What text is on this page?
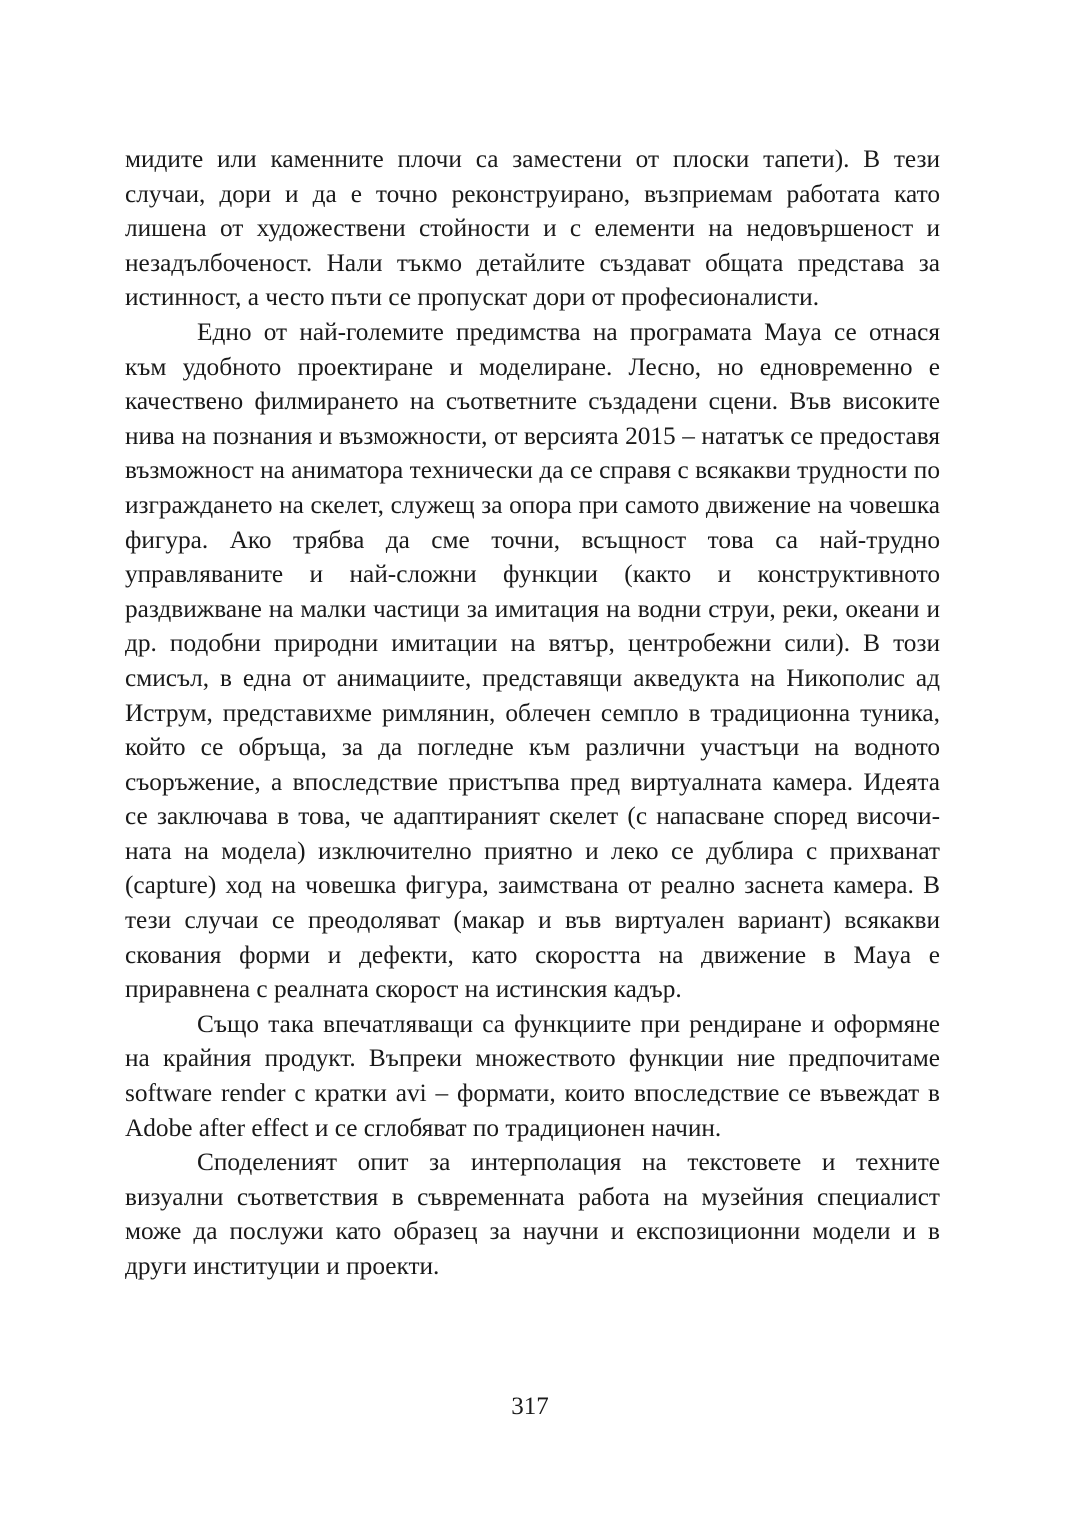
мидите или каменните плочи са заместени от плоски тапети). В тези случаи, дори и да е точно реконструирано, възприемам работата като лишена от художествени стойности и с елементи на недовършеност и незадълбоченост. Нали тъкмо детайлите създават общата представа за истинност, а често пъти се пропускат дори от професионалисти.

Едно от най-големите предимства на програмата Maya се отнася към удобното проектиране и моделиране. Лесно, но едновременно е качествено филмирането на съответните създадени сцени. Във високите нива на познания и възможности, от версията 2015 – нататък се предоставя възможност на аниматора технически да се справя с всякакви трудности по изграждането на скелет, служещ за опора при самото движение на човешка фигура. Ако трябва да сме точни, всъщност това са най-трудно управляваните и най-сложни функции (както и конструктивното раздвижване на малки частици за имитация на водни струи, реки, океани и др. подобни природни имитации на вятър, центробежни сили). В този смисъл, в една от анимациите, представящи акведукта на Никополис ад Иструм, представихме римлянин, облечен семпло в традиционна туника, който се обръща, за да погледне към различни участъци на водното съоръжение, а впоследствие пристъпва пред виртуалната камера. Идеята се заключава в това, че адаптираният скелет (с напасване според височината на модела) изключително приятно и леко се дублира с прихванат (capture) ход на човешка фигура, заимствана от реално заснета камера. В тези случаи се преодоляват (макар и във виртуален вариант) всякакви скования форми и дефекти, като скоростта на движение в Maya е приравнена с реалната скорост на истинския кадър.

Също така впечатляващи са функциите при рендиране и оформяне на крайния продукт. Въпреки множеството функции ние предпочитаме software render с кратки avi – формати, които впоследствие се въвеждат в Adobe after effect и се сглобяват по традиционен начин.

Споделеният опит за интерполация на текстовете и техните визуални съответствия в съвременната работа на музейния специалист може да послужи като образец за научни и експозиционни модели и в други институции и проекти.

317
